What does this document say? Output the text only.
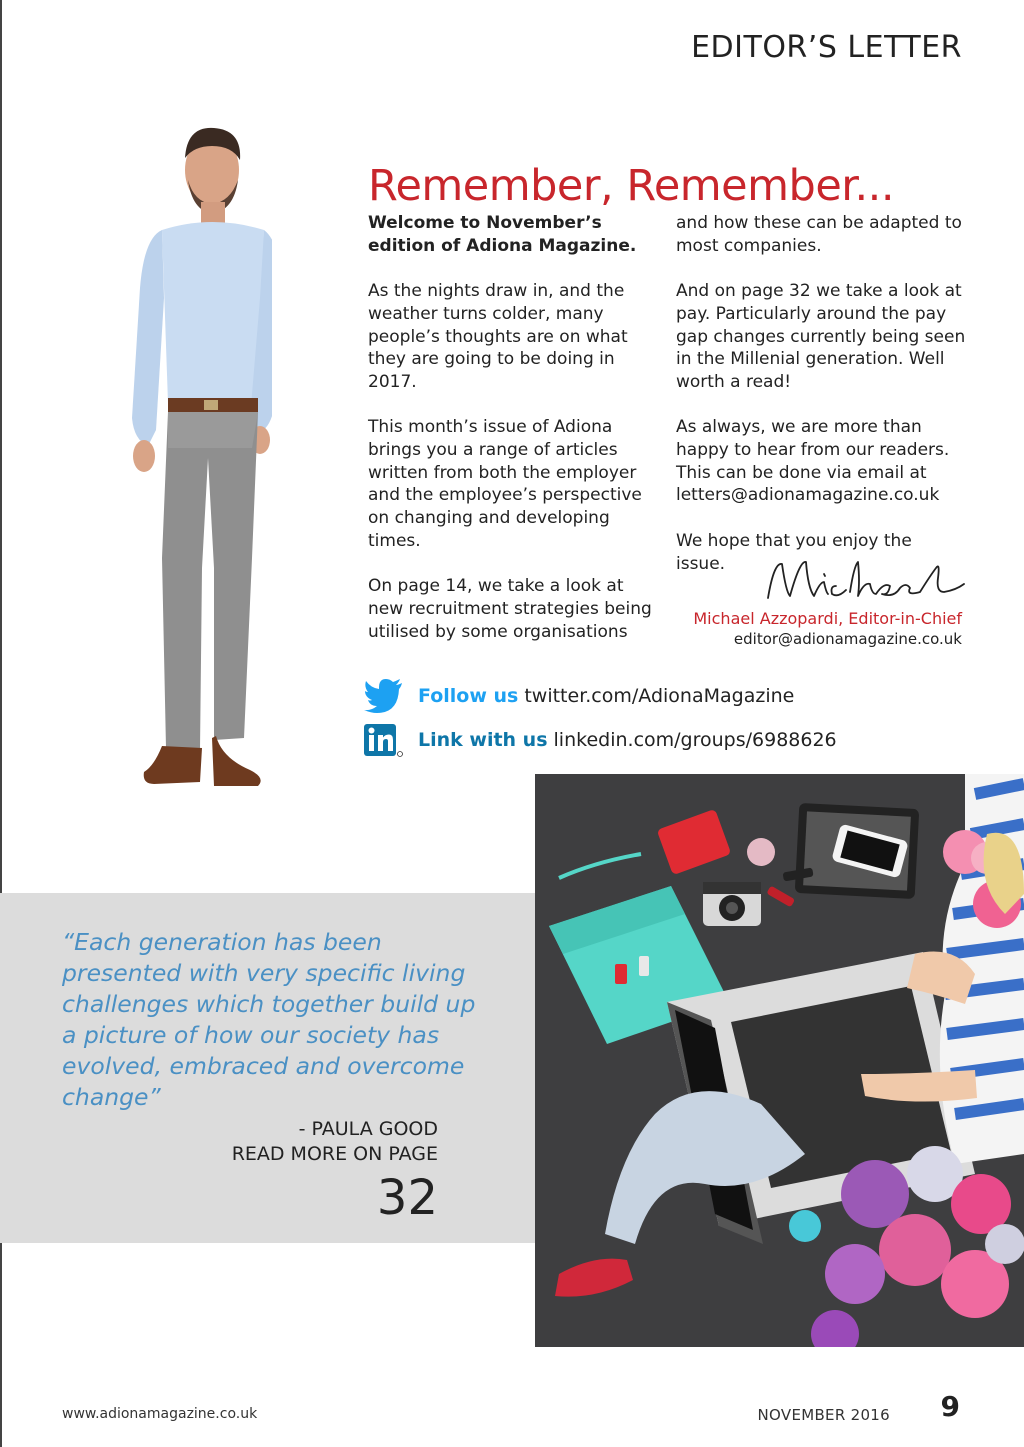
EDITOR’S LETTER
Remember, Remember...

Welcome to November’s edition of Adiona Magazine.

As the nights draw in, and the weather turns colder, many people’s thoughts are on what they are going to be doing in 2017.

This month’s issue of Adiona brings you a range of articles written from both the employer and the employee’s perspective on changing and developing times.

On page 14, we take a look at new recruitment strategies being utilised by some organisations

and how these can be adapted to most companies.

And on page 32 we take a look at pay. Particularly around the pay gap changes currently being seen in the Millenial generation. Well worth a read!

As always, we are more than happy to hear from our readers. This can be done via email at letters@adionamagazine.co.uk

We hope that you enjoy the issue.

Michael Azzopardi, Editor-in-Chief
editor@adionamagazine.co.uk
Follow us twitter.com/AdionaMagazine
Link with us linkedin.com/groups/6988626
“Each generation has been presented with very specific living challenges which together build up a picture of how our society has evolved, embraced and overcome change”
- PAULA GOOD
READ MORE ON PAGE
32
www.adionamagazine.co.uk	NOVEMBER 2016 9
